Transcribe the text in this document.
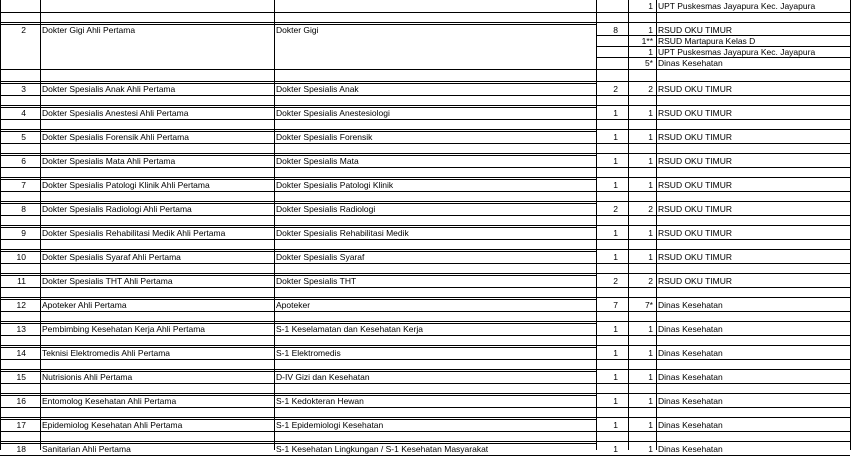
1 UPT Puskesmas Jayapura Kec. Jayapura
2 Dokter Gigi Ahli Pertama	Dokter Gigi	8	1 RSUD OKU TIMUR
1** RSUD Martapura Kelas D
1 UPT Puskesmas Jayapura Kec. Jayapura
5* Dinas Kesehatan
3 Dokter Spesialis Anak Ahli Pertama	Dokter Spesialis Anak	2	2 RSUD OKU TIMUR
4 Dokter Spesialis Anestesi Ahli Pertama	Dokter Spesialis Anestesiologi	1	1 RSUD OKU TIMUR
5 Dokter Spesialis Forensik Ahli Pertama	Dokter Spesialis Forensik	1	1 RSUD OKU TIMUR
6 Dokter Spesialis Mata Ahli Pertama	Dokter Spesialis Mata	1	1 RSUD OKU TIMUR
7 Dokter Spesialis Patologi Klinik Ahli Pertama	Dokter Spesialis Patologi Klinik	1	1 RSUD OKU TIMUR
8 Dokter Spesialis Radiologi Ahli Pertama	Dokter Spesialis Radiologi	2	2 RSUD OKU TIMUR
9 Dokter Spesialis Rehabilitasi Medik Ahli Pertama	Dokter Spesialis Rehabilitasi Medik	1	1 RSUD OKU TIMUR
10 Dokter Spesialis Syaraf Ahli Pertama	Dokter Spesialis Syaraf	1	1 RSUD OKU TIMUR
11 Dokter Spesialis THT Ahli Pertama	Dokter Spesialis THT	2	2 RSUD OKU TIMUR
12 Apoteker Ahli Pertama	Apoteker	7	7* Dinas Kesehatan
13 Pembimbing Kesehatan Kerja Ahli Pertama	S-1 Keselamatan dan Kesehatan Kerja	1	1 Dinas Kesehatan
14 Teknisi Elektromedis Ahli Pertama	S-1 Elektromedis	1	1 Dinas Kesehatan
15 Nutrisionis Ahli Pertama	D-IV Gizi dan Kesehatan	1	1 Dinas Kesehatan
16 Entomolog Kesehatan Ahli Pertama	S-1 Kedokteran Hewan	1	1 Dinas Kesehatan
17 Epidemiolog Kesehatan Ahli Pertama	S-1 Epidemiologi Kesehatan	1	1 Dinas Kesehatan
18 Sanitarian Ahli Pertama	S-1 Kesehatan Lingkungan / S-1 Kesehatan Masyarakat	1	1 Dinas Kesehatan
